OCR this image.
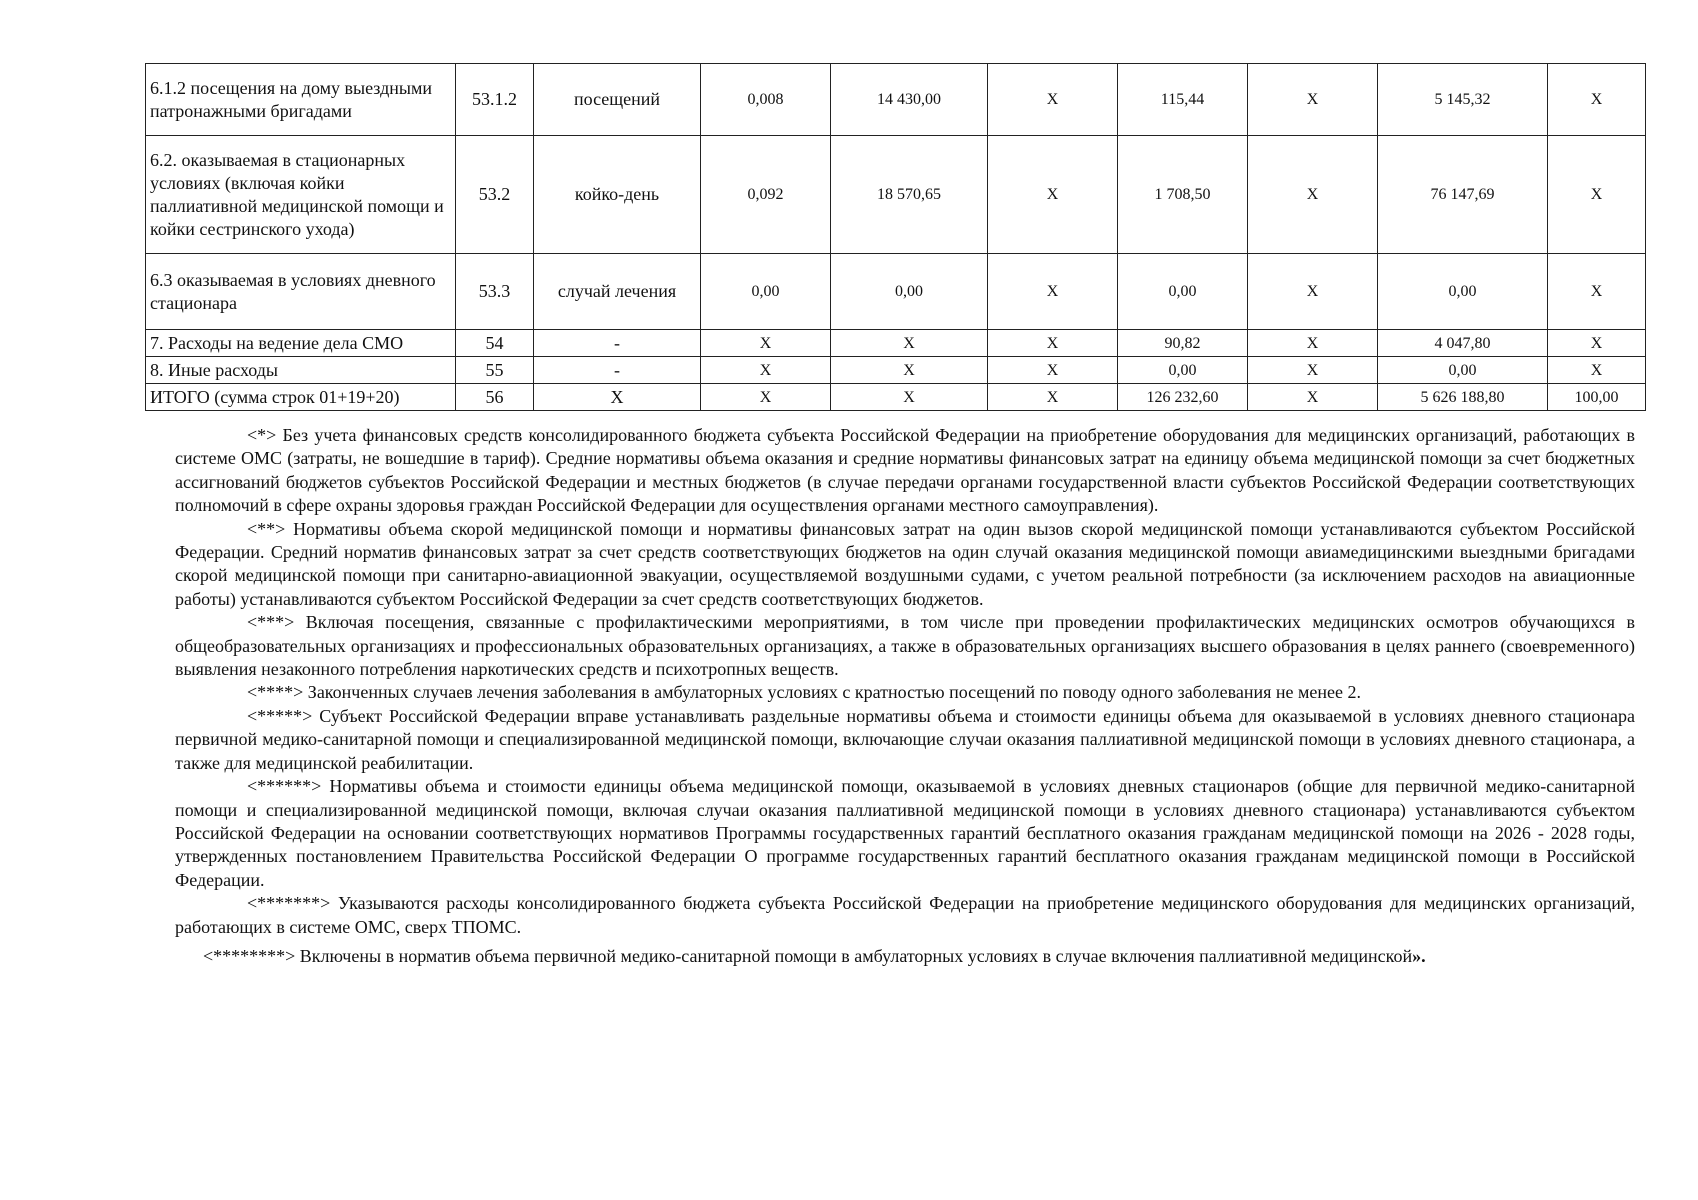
6.1.2 посещения на дому выездными патронажными бригадами	53.1.2	посещений	0,008	14 430,00	Х	115,44	Х	5 145,32	Х
6.2. оказываемая в стационарных условиях (включая койки паллиативной медицинской помощи и койки сестринского ухода)	53.2	койко-день	0,092	18 570,65	Х	1 708,50	Х	76 147,69	Х
6.3 оказываемая в условиях дневного стационара	53.3	случай лечения	0,00	0,00	Х	0,00	Х	0,00	Х
7. Расходы на ведение дела СМО	54	-	Х	Х	Х	90,82	Х	4 047,80	Х
8. Иные расходы	55	-	Х	Х	Х	0,00	Х	0,00	Х
ИТОГО (сумма строк 01+19+20)	56	Х	Х	Х	Х	126 232,60	Х	5 626 188,80	100,00

<*> Без учета финансовых средств консолидированного бюджета субъекта Российской Федерации на приобретение оборудования для медицинских организаций, работающих в системе ОМС (затраты, не вошедшие в тариф). Средние нормативы объема оказания и средние нормативы финансовых затрат на единицу объема медицинской помощи за счет бюджетных ассигнований бюджетов субъектов Российской Федерации и местных бюджетов (в случае передачи органами государственной власти субъектов Российской Федерации соответствующих полномочий в сфере охраны здоровья граждан Российской Федерации для осуществления органами местного самоуправления).

<**> Нормативы объема скорой медицинской помощи и нормативы финансовых затрат на один вызов скорой медицинской помощи устанавливаются субъектом Российской Федерации. Средний норматив финансовых затрат за счет средств соответствующих бюджетов на один случай оказания медицинской помощи авиамедицинскими выездными бригадами скорой медицинской помощи при санитарно-авиационной эвакуации, осуществляемой воздушными судами, с учетом реальной потребности (за исключением расходов на авиационные работы) устанавливаются субъектом Российской Федерации за счет средств соответствующих бюджетов.

<***> Включая посещения, связанные с профилактическими мероприятиями, в том числе при проведении профилактических медицинских осмотров обучающихся в общеобразовательных организациях и профессиональных образовательных организациях, а также в образовательных организациях высшего образования в целях раннего (своевременного) выявления незаконного потребления наркотических средств и психотропных веществ.

<****> Законченных случаев лечения заболевания в амбулаторных условиях с кратностью посещений по поводу одного заболевания не менее 2.

<*****> Субъект Российской Федерации вправе устанавливать раздельные нормативы объема и стоимости единицы объема для оказываемой в условиях дневного стационара первичной медико-санитарной помощи и специализированной медицинской помощи, включающие случаи оказания паллиативной медицинской помощи в условиях дневного стационара, а также для медицинской реабилитации.

<******> Нормативы объема и стоимости единицы объема медицинской помощи, оказываемой в условиях дневных стационаров (общие для первичной медико-санитарной помощи и специализированной медицинской помощи, включая случаи оказания паллиативной медицинской помощи в условиях дневного стационара) устанавливаются субъектом Российской Федерации на основании соответствующих нормативов Программы государственных гарантий бесплатного оказания гражданам медицинской помощи на 2026 - 2028 годы, утвержденных постановлением Правительства Российской Федерации О программе государственных гарантий бесплатного оказания гражданам медицинской помощи в Российской Федерации.

<*******> Указываются расходы консолидированного бюджета субъекта Российской Федерации на приобретение медицинского оборудования для медицинских организаций, работающих в системе ОМС, сверх ТПОМС.

<********> Включены в норматив объема первичной медико-санитарной помощи в амбулаторных условиях в случае включения паллиативной медицинской».
